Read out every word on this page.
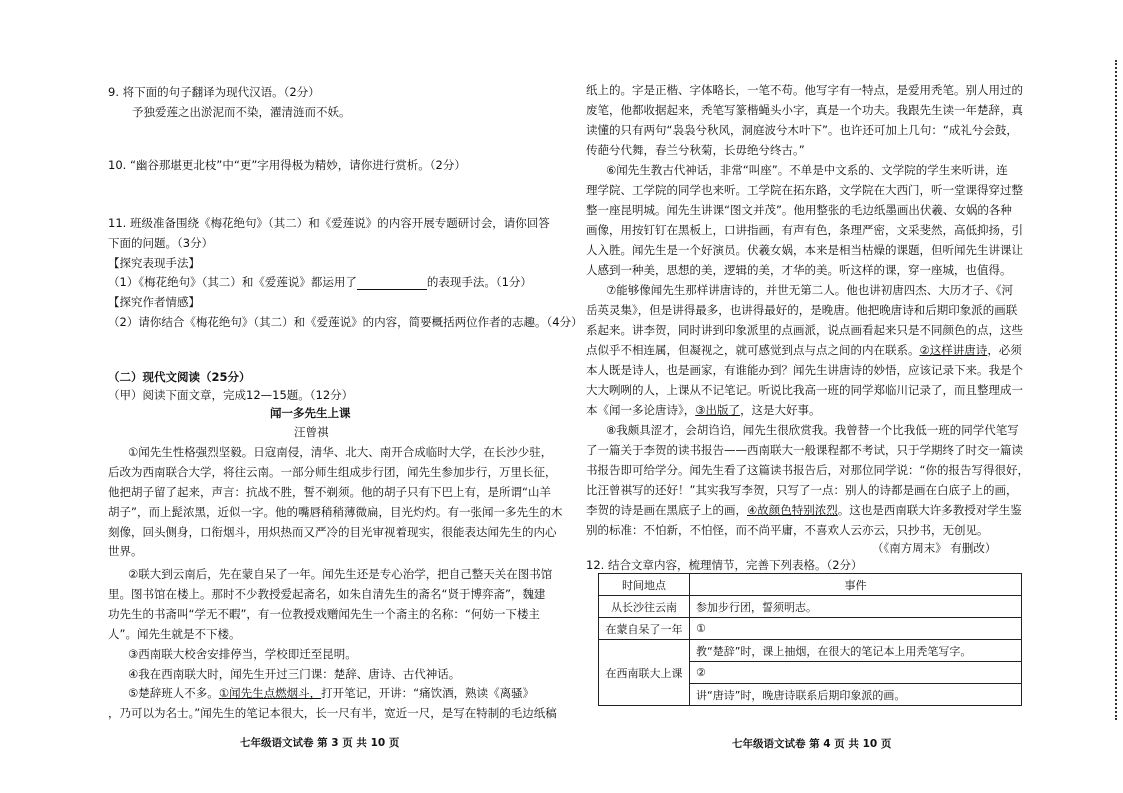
9. 将下面的句子翻译为现代汉语。（2分）
予独爱莲之出淤泥而不染，濯清涟而不妖。
10. “幽谷那堪更北枝”中“更”字用得极为精妙，请你进行赏析。（2分）
11. 班级准备围绕《梅花绝句》（其二）和《爱莲说》的内容开展专题研讨会，请你回答
下面的问题。（3分）
【探究表现手法】
（1）《梅花绝句》（其二）和《爱莲说》都运用了	的表现手法。（1分）
【探究作者情感】
（2）请你结合《梅花绝句》（其二）和《爱莲说》的内容，简要概括两位作者的志趣。（4分）
（二）现代文阅读（25分）
（甲）阅读下面文章，完成12—15题。（12分）
闻一多先生上课
汪曾祺
①闻先生性格强烈坚毅。日寇南侵，清华、北大、南开合成临时大学，在长沙少驻，
后改为西南联合大学，将往云南。一部分师生组成步行团，闻先生参加步行，万里长征，
他把胡子留了起来，声言：抗战不胜，誓不剃须。他的胡子只有下巴上有，是所谓“山羊
胡子”，而上髭浓黑，近似一字。他的嘴唇稍稍薄微扁，目光灼灼。有一张闻一多先生的木
刻像，回头侧身，口衔烟斗，用炽热而又严冷的目光审视着现实，很能表达闻先生的内心
世界。
②联大到云南后，先在蒙自呆了一年。闻先生还是专心治学，把自己整天关在图书馆
里。图书馆在楼上。那时不少教授爱起斋名，如朱自清先生的斋名“贤于博弈斋”，魏建
功先生的书斋叫“学无不暇”，有一位教授戏赠闻先生一个斋主的名称：“何妨一下楼主
人”。闻先生就是不下楼。
③西南联大校舍安排停当，学校即迁至昆明。
④我在西南联大时，闻先生开过三门课：楚辞、唐诗、古代神话。
⑤楚辞班人不多。①闻先生点燃烟斗，打开笔记，开讲：“痛饮酒，熟读《离骚》
，乃可以为名士。”闻先生的笔记本很大，长一尺有半，宽近一尺，是写在特制的毛边纸稿
七年级语文试卷 第 3 页 共 10 页
纸上的。字是正楷、字体略长，一笔不苟。他写字有一特点，是爱用秃笔。别人用过的
废笔，他都收据起来，秃笔写篆楷蝇头小字，真是一个功夫。我跟先生读一年楚辞，真
读懂的只有两句“袅袅兮秋风，洞庭波兮木叶下”。也许还可加上几句：“成礼兮会鼓，
传葩兮代舞，春兰兮秋菊，长毋绝兮终古。”
⑥闻先生教古代神话，非常“叫座”。不单是中文系的、文学院的学生来听讲，连
理学院、工学院的同学也来听。工学院在拓东路，文学院在大西门，听一堂课得穿过整
整一座昆明城。闻先生讲课“图文并茂”。他用整张的毛边纸墨画出伏羲、女娲的各种
画像，用按钉钉在黑板上，口讲指画，有声有色，条理严密，文采斐然，高低抑扬，引
人入胜。闻先生是一个好演员。伏羲女娲，本来是相当枯燥的课题，但听闻先生讲课让
人感到一种美，思想的美，逻辑的美，才华的美。听这样的课，穿一座城，也值得。
⑦能够像闻先生那样讲唐诗的，并世无第二人。他也讲初唐四杰、大历才子、《河
岳英灵集》，但是讲得最多，也讲得最好的，是晚唐。他把晚唐诗和后期印象派的画联
系起来。讲李贺，同时讲到印象派里的点画派，说点画看起来只是不同颜色的点，这些
点似乎不相连属，但凝视之，就可感觉到点与点之间的内在联系。②这样讲唐诗，必须
本人既是诗人，也是画家，有谁能办到？闻先生讲唐诗的妙悟，应该记录下来。我是个
大大咧咧的人，上课从不记笔记。听说比我高一班的同学郑临川记录了，而且整理成一
本《闻一多论唐诗》，③出版了，这是大好事。
⑧我颇具涩才，会胡诌诌，闻先生很欣赏我。我曾替一个比我低一班的同学代笔写
了一篇关于李贺的读书报告——西南联大一般课程都不考试，只于学期终了时交一篇读
书报告即可给学分。闻先生看了这篇读书报告后，对那位同学说：“你的报告写得很好，
比汪曾祺写的还好！”其实我写李贺，只写了一点：别人的诗都是画在白底子上的画，
李贺的诗是画在黑底子上的画，④故颜色特别浓烈。这也是西南联大许多教授对学生鉴
别的标准：不怕新，不怕怪，而不尚平庸，不喜欢人云亦云，只抄书，无创见。
（《南方周末》 有删改）
12. 结合文章内容，梳理情节，完善下列表格。（2分）
时间地点	事件
从长沙往云南	参加步行团，誓须明志。
在蒙自呆了一年	①
在西南联大上课	教“楚辞”时，课上抽烟，在很大的笔记本上用秃笔写字。
	②
	讲“唐诗”时，晚唐诗联系后期印象派的画。
七年级语文试卷 第 4 页 共 10 页
